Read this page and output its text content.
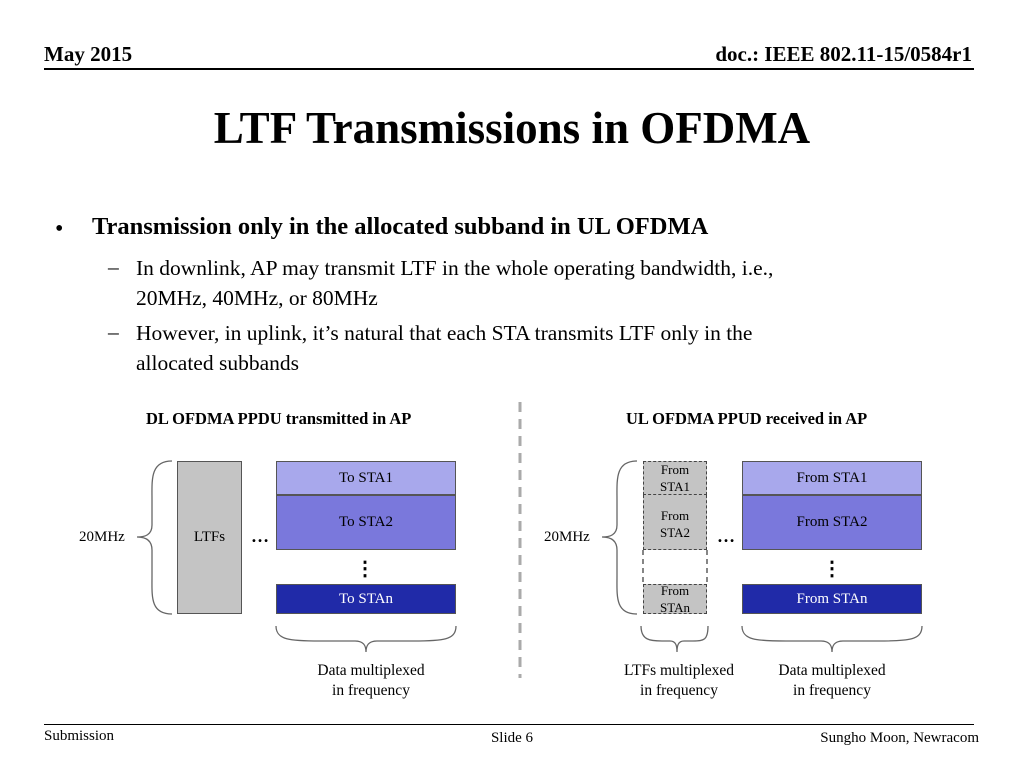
May 2015	doc.: IEEE 802.11-15/0584r1
LTF Transmissions in OFDMA
• Transmission only in the allocated subband in UL OFDMA
– In downlink, AP may transmit LTF in the whole operating bandwidth, i.e.,
20MHz, 40MHz, or 80MHz
– However, in uplink, it’s natural that each STA transmits LTF only in the
allocated subbands
DL OFDMA PPDU transmitted in AP
20MHz	LTFs …
To STA1
To STA2
⋮
To STAn
Data multiplexed
in frequency
UL OFDMA PPUD received in AP
20MHz
From
STA1
From
STA2
From
STAn
…
From STA1
From STA2
⋮
From STAn
LTFs multiplexed
in frequency
Data multiplexed
in frequency
Submission	Slide 6	Sungho Moon, Newracom
